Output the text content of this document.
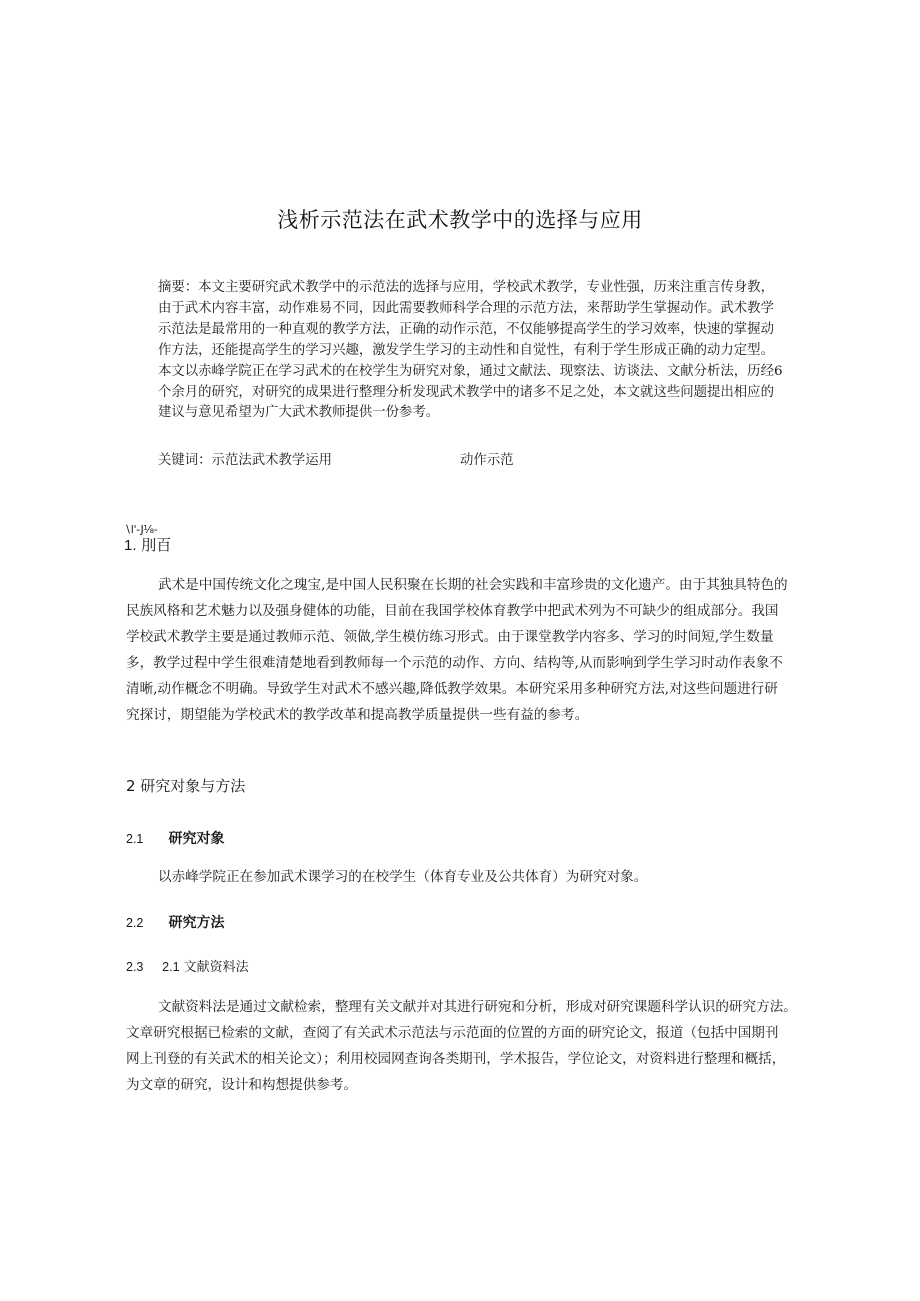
浅析示范法在武术教学中的选择与应用
摘要：本文主要研究武术教学中的示范法的选择与应用，学校武术教学，专业性强，历来注重言传身教，
由于武术内容丰富，动作难易不同，因此需要教师科学合理的示范方法，来帮助学生掌握动作。武术教学
示范法是最常用的一种直观的教学方法，正确的动作示范，不仅能够提高学生的学习效率，快速的掌握动
作方法，还能提高学生的学习兴趣，激发学生学习的主动性和自觉性，有利于学生形成正确的动力定型。
本文以赤峰学院正在学习武术的在校学生为研究对象，通过文献法、现察法、访谈法、文献分析法，历经6
个余月的研究，对研究的成果进行整理分析发现武术教学中的诸多不足之处，本文就这些问题提出相应的
建议与意见希望为广大武术教师提供一份参考。
关键词：示范法武术教学运用	动作示范
∖l'-J⅛-
1. 刖百
武术是中国传统文化之瑰宝,是中国人民积聚在长期的社会实践和丰富珍贵的文化遗产。由于其独具特色的
民族风格和艺术魅力以及强身健体的功能，目前在我国学校体育教学中把武术列为不可缺少的组成部分。我国
学校武术教学主要是通过教师示范、领做,学生模仿练习形式。由于课堂教学内容多、学习的时间短,学生数量
多，教学过程中学生很难清楚地看到教师每一个示范的动作、方向、结构等,从而影响到学生学习时动作表象不
清晰,动作概念不明确。导致学生对武术不感兴趣,降低教学效果。本研究采用多种研究方法,对这些问题进行研
究探讨，期望能为学校武术的教学改革和提高教学质量提供一些有益的参考。
2 研究对象与方法
2.1 研究对象
以赤峰学院正在参加武术课学习的在校学生（体育专业及公共体育）为研究对象。
2.2 研究方法
2.3 2.1 文献资料法
文献资料法是通过文献检索，整理有关文献并对其进行研宛和分析，形成对研究课题科学认识的研究方法。
文章研究根据已检索的文献，查阅了有关武术示范法与示范面的位置的方面的研究论文，报道（包括中国期刊
网上刊登的有关武术的相关论文）；利用校园网查询各类期刊，学术报告，学位论文，对资料进行整理和概括，
为文章的研究，设计和构想提供参考。
